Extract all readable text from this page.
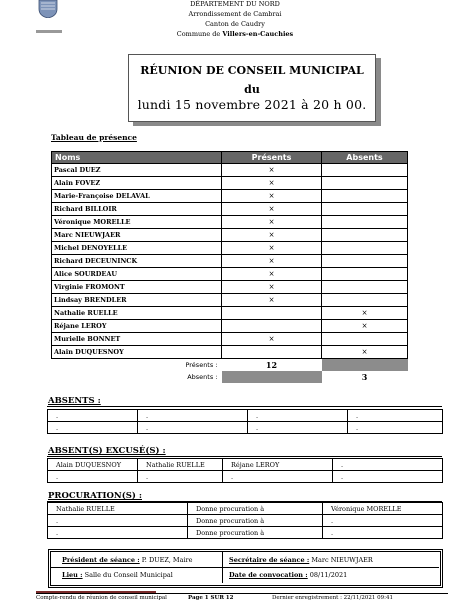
DÉPARTEMENT DU NORD
Arrondissement de Cambrai
Canton de Caudry
Commune de Villers-en-Cauchies
RÉUNION DE CONSEIL MUNICIPAL
du
lundi 15 novembre 2021 à 20 h 00.
Tableau de présence
Noms	Présents	Absents
Pascal DUEZ	×	
Alain FOVEZ	×	
Marie-Françoise DELAVAL	×	
Richard BILLOIR	×	
Véronique MORELLE	×	
Marc NIEUWJAER	×	
Michel DENOYELLE	×	
Richard DECEUNINCK	×	
Alice SOURDEAU	×	
Virginie FROMONT	×	
Lindsay BRENDLER	×	
Nathalie RUELLE		×
Réjane LEROY		×
Murielle BONNET	×	
Alain DUQUESNOY		×
Présents :	12	
Absents :		3
ABSENTS :
.	.	.	.
.	.	.	.
ABSENT(S) EXCUSÉ(S) :
Alain DUQUESNOY	Nathalie RUELLE	Réjane LEROY	.
.	.	.	.
PROCURATION(S) :
Nathalie RUELLE	Donne procuration à	Véronique MORELLE
.	Donne procuration à	.
.	Donne procuration à	.
Président de séance : P. DUEZ, Maire	Secrétaire de séance : Marc NIEUWJAER
Lieu : Salle du Conseil Municipal	Date de convocation : 08/11/2021
Compte-rendu de réunion de conseil municipal	Page 1 SUR 12	Dernier enregistrement : 22/11/2021 09:41
